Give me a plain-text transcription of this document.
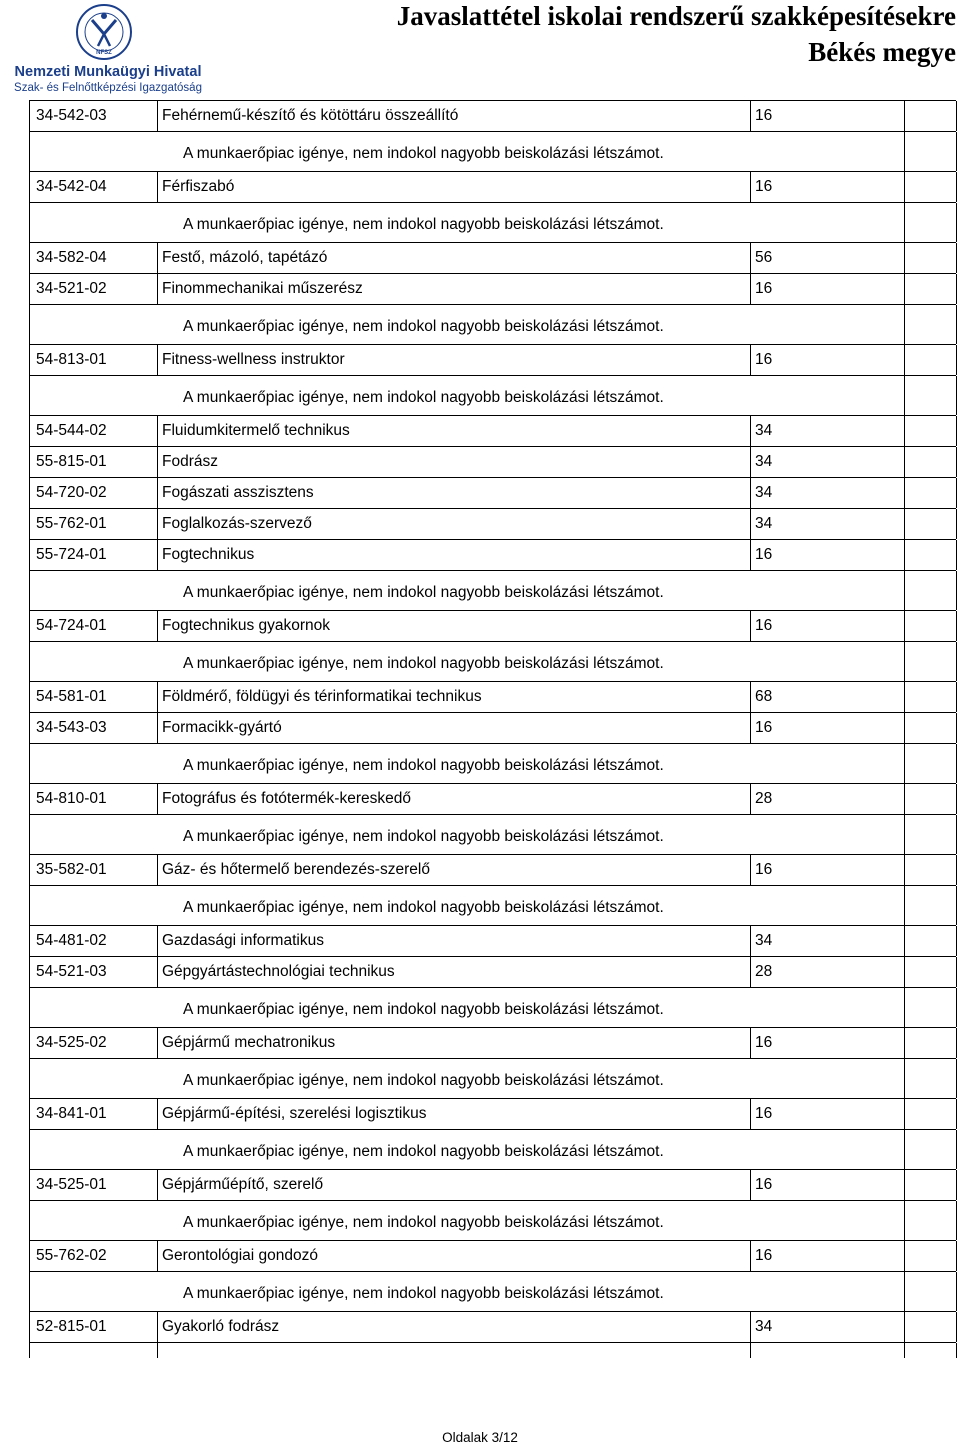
NFSZ
Nemzeti Munkaügyi Hivatal
Szak- és Felnőttképzési Igazgatóság
Javaslattétel iskolai rendszerű szakképesítésekre
Békés megye
34-542-03	Fehérnemű-készítő és kötöttáru összeállító	16
A munkaerőpiac igénye, nem indokol nagyobb beiskolázási létszámot.
34-542-04	Férfiszabó	16
A munkaerőpiac igénye, nem indokol nagyobb beiskolázási létszámot.
34-582-04	Festő, mázoló, tapétázó	56
34-521-02	Finommechanikai műszerész	16
A munkaerőpiac igénye, nem indokol nagyobb beiskolázási létszámot.
54-813-01	Fitness-wellness instruktor	16
A munkaerőpiac igénye, nem indokol nagyobb beiskolázási létszámot.
54-544-02	Fluidumkitermelő technikus	34
55-815-01	Fodrász	34
54-720-02	Fogászati asszisztens	34
55-762-01	Foglalkozás-szervező	34
55-724-01	Fogtechnikus	16
A munkaerőpiac igénye, nem indokol nagyobb beiskolázási létszámot.
54-724-01	Fogtechnikus gyakornok	16
A munkaerőpiac igénye, nem indokol nagyobb beiskolázási létszámot.
54-581-01	Földmérő, földügyi és térinformatikai technikus	68
34-543-03	Formacikk-gyártó	16
A munkaerőpiac igénye, nem indokol nagyobb beiskolázási létszámot.
54-810-01	Fotográfus és fotótermék-kereskedő	28
A munkaerőpiac igénye, nem indokol nagyobb beiskolázási létszámot.
35-582-01	Gáz- és hőtermelő berendezés-szerelő	16
A munkaerőpiac igénye, nem indokol nagyobb beiskolázási létszámot.
54-481-02	Gazdasági informatikus	34
54-521-03	Gépgyártástechnológiai technikus	28
A munkaerőpiac igénye, nem indokol nagyobb beiskolázási létszámot.
34-525-02	Gépjármű mechatronikus	16
A munkaerőpiac igénye, nem indokol nagyobb beiskolázási létszámot.
34-841-01	Gépjármű-építési, szerelési logisztikus	16
A munkaerőpiac igénye, nem indokol nagyobb beiskolázási létszámot.
34-525-01	Gépjárműépítő, szerelő	16
A munkaerőpiac igénye, nem indokol nagyobb beiskolázási létszámot.
55-762-02	Gerontológiai gondozó	16
A munkaerőpiac igénye, nem indokol nagyobb beiskolázási létszámot.
52-815-01	Gyakorló fodrász	34
Oldalak 3/12
